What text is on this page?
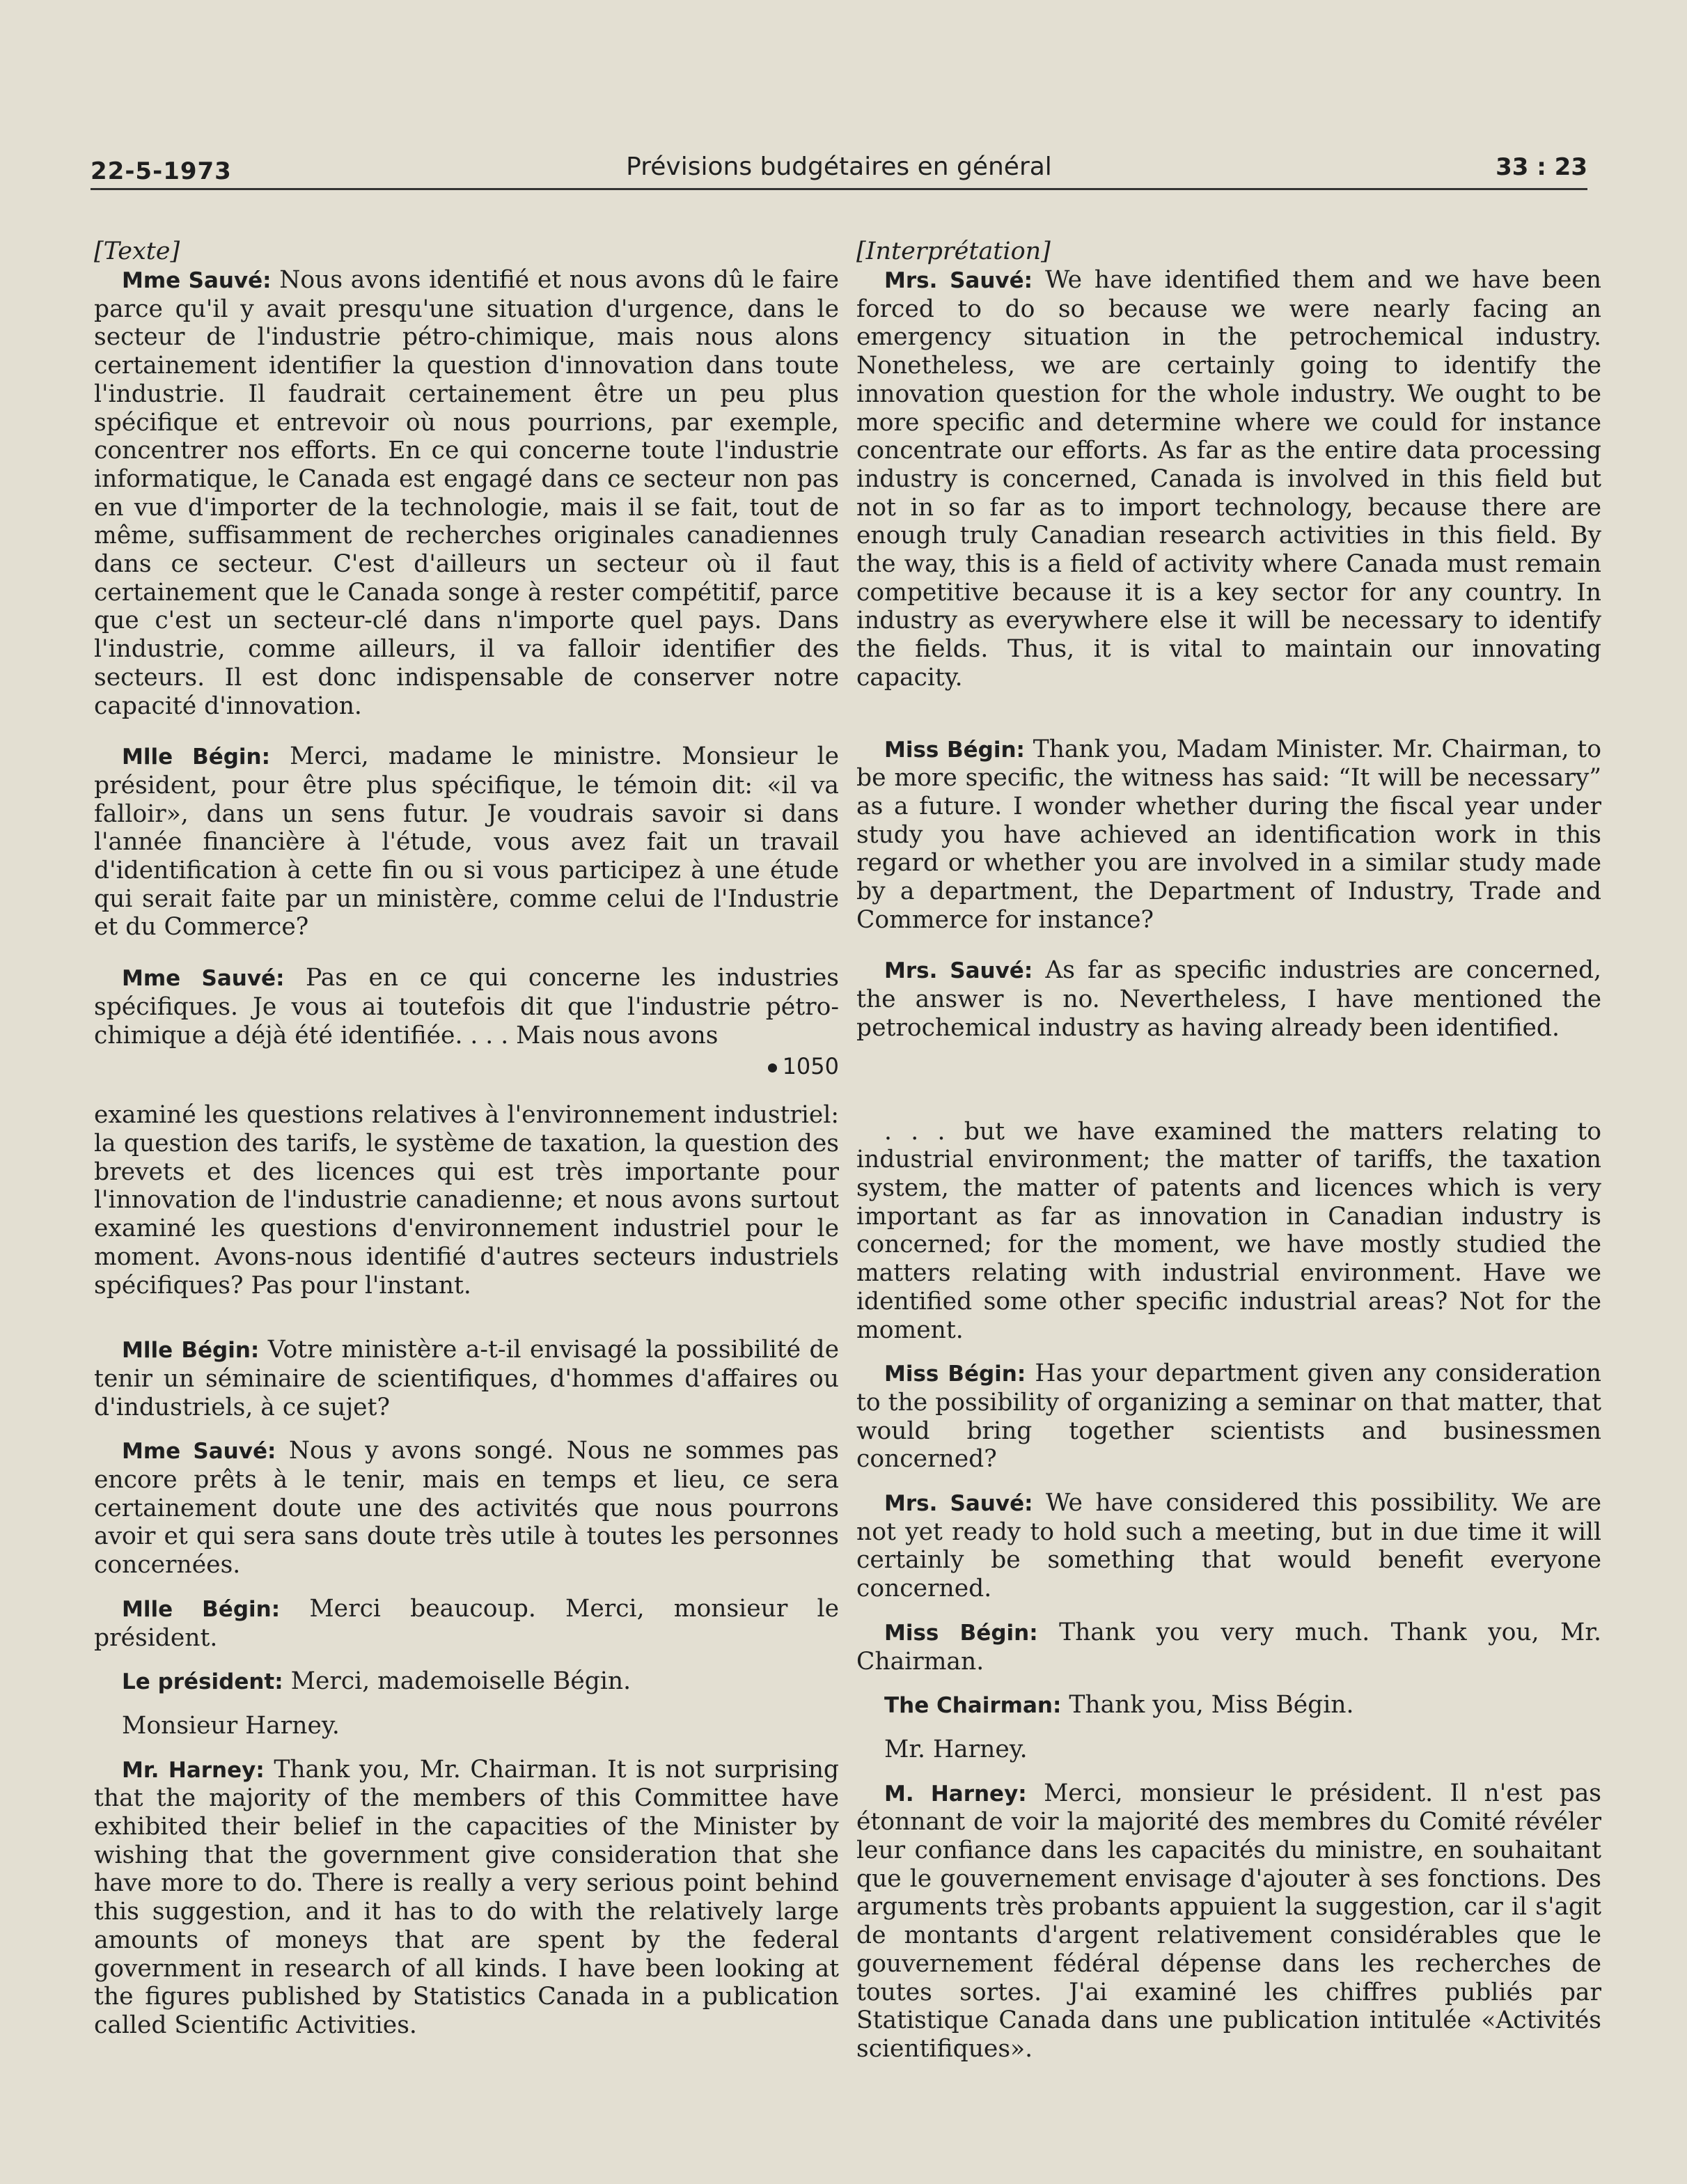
22-5-1973	Prévisions budgétaires en général	33 : 23
[Texte]

Mme Sauvé: Nous avons identifié et nous avons dû le faire parce qu'il y avait presqu'une situation d'urgence, dans le secteur de l'industrie pétro-chimique, mais nous alons certainement identifier la question d'innovation dans toute l'industrie. Il faudrait certainement être un peu plus spécifique et entrevoir où nous pourrions, par exemple, concentrer nos efforts. En ce qui concerne toute l'industrie informatique, le Canada est engagé dans ce secteur non pas en vue d'importer de la technologie, mais il se fait, tout de même, suffisamment de recherches originales canadiennes dans ce secteur. C'est d'ailleurs un secteur où il faut certainement que le Canada songe à rester compétitif, parce que c'est un secteur-clé dans n'importe quel pays. Dans l'industrie, comme ailleurs, il va falloir identifier des secteurs. Il est donc indispensable de conserver notre capacité d'innovation.

Mlle Bégin: Merci, madame le ministre. Monsieur le président, pour être plus spécifique, le témoin dit: «il va falloir», dans un sens futur. Je voudrais savoir si dans l'année financière à l'étude, vous avez fait un travail d'identification à cette fin ou si vous participez à une étude qui serait faite par un ministère, comme celui de l'Industrie et du Commerce?

Mme Sauvé: Pas en ce qui concerne les industries spécifiques. Je vous ai toutefois dit que l'industrie pétro-chimique a déjà été identifiée. . . . Mais nous avons

1050

examiné les questions relatives à l'environnement industriel: la question des tarifs, le système de taxation, la question des brevets et des licences qui est très importante pour l'innovation de l'industrie canadienne; et nous avons surtout examiné les questions d'environnement industriel pour le moment. Avons-nous identifié d'autres secteurs industriels spécifiques? Pas pour l'instant.

Mlle Bégin: Votre ministère a-t-il envisagé la possibilité de tenir un séminaire de scientifiques, d'hommes d'affaires ou d'industriels, à ce sujet?

Mme Sauvé: Nous y avons songé. Nous ne sommes pas encore prêts à le tenir, mais en temps et lieu, ce sera certainement doute une des activités que nous pourrons avoir et qui sera sans doute très utile à toutes les personnes concernées.

Mlle Bégin: Merci beaucoup. Merci, monsieur le président.

Le président: Merci, mademoiselle Bégin.

Monsieur Harney.

Mr. Harney: Thank you, Mr. Chairman. It is not surprising that the majority of the members of this Committee have exhibited their belief in the capacities of the Minister by wishing that the government give consideration that she have more to do. There is really a very serious point behind this suggestion, and it has to do with the relatively large amounts of moneys that are spent by the federal government in research of all kinds. I have been looking at the figures published by Statistics Canada in a publication called Scientific Activities.

[Interprétation]

Mrs. Sauvé: We have identified them and we have been forced to do so because we were nearly facing an emergency situation in the petrochemical industry. Nonetheless, we are certainly going to identify the innovation question for the whole industry. We ought to be more specific and determine where we could for instance concentrate our efforts. As far as the entire data processing industry is concerned, Canada is involved in this field but not in so far as to import technology, because there are enough truly Canadian research activities in this field. By the way, this is a field of activity where Canada must remain competitive because it is a key sector for any country. In industry as everywhere else it will be necessary to identify the fields. Thus, it is vital to maintain our innovating capacity.

Miss Bégin: Thank you, Madam Minister. Mr. Chairman, to be more specific, the witness has said: “It will be necessary” as a future. I wonder whether during the fiscal year under study you have achieved an identification work in this regard or whether you are involved in a similar study made by a department, the Department of Industry, Trade and Commerce for instance?

Mrs. Sauvé: As far as specific industries are concerned, the answer is no. Nevertheless, I have mentioned the petrochemical industry as having already been identified.

. . . but we have examined the matters relating to industrial environment; the matter of tariffs, the taxation system, the matter of patents and licences which is very important as far as innovation in Canadian industry is concerned; for the moment, we have mostly studied the matters relating with industrial environment. Have we identified some other specific industrial areas? Not for the moment.

Miss Bégin: Has your department given any consideration to the possibility of organizing a seminar on that matter, that would bring together scientists and businessmen concerned?

Mrs. Sauvé: We have considered this possibility. We are not yet ready to hold such a meeting, but in due time it will certainly be something that would benefit everyone concerned.

Miss Bégin: Thank you very much. Thank you, Mr. Chairman.

The Chairman: Thank you, Miss Bégin.

Mr. Harney.

M. Harney: Merci, monsieur le président. Il n'est pas étonnant de voir la majorité des membres du Comité révéler leur confiance dans les capacités du ministre, en souhaitant que le gouvernement envisage d'ajouter à ses fonctions. Des arguments très probants appuient la suggestion, car il s'agit de montants d'argent relativement considérables que le gouvernement fédéral dépense dans les recherches de toutes sortes. J'ai examiné les chiffres publiés par Statistique Canada dans une publication intitulée «Activités scientifiques».
